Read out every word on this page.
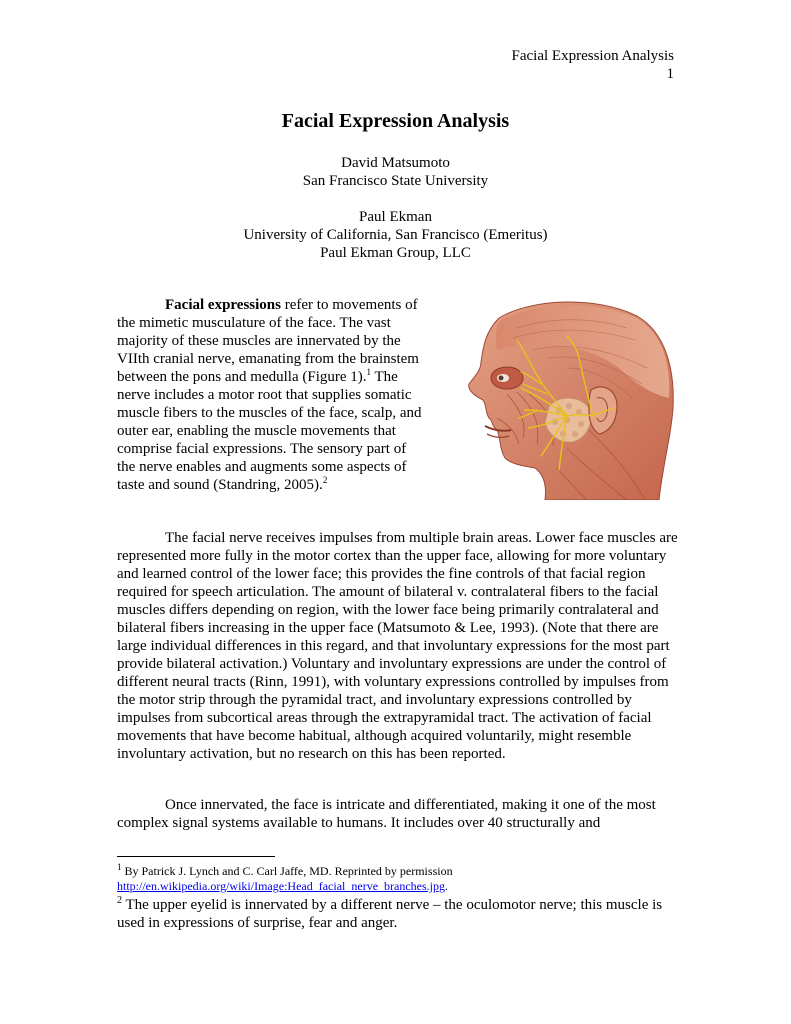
Facial Expression Analysis
1
Facial Expression Analysis
David Matsumoto
San Francisco State University
Paul Ekman
University of California, San Francisco (Emeritus)
Paul Ekman Group, LLC

Facial expressions refer to movements of the mimetic musculature of the face. The vast majority of these muscles are innervated by the VIIth cranial nerve, emanating from the brainstem between the pons and medulla (Figure 1).$^1$ The nerve includes a motor root that supplies somatic muscle fibers to the muscles of the face, scalp, and outer ear, enabling the muscle movements that comprise facial expressions. The sensory part of the nerve enables and augments some aspects of taste and sound (Standring, 2005).$^2$

The facial nerve receives impulses from multiple brain areas. Lower face muscles are represented more fully in the motor cortex than the upper face, allowing for more voluntary and learned control of the lower face; this provides the fine controls of that facial region required for speech articulation. The amount of bilateral v. contralateral fibers to the facial muscles differs depending on region, with the lower face being primarily contralateral and bilateral fibers increasing in the upper face (Matsumoto & Lee, 1993). (Note that there are large individual differences in this regard, and that involuntary expressions for the most part provide bilateral activation.) Voluntary and involuntary expressions are under the control of different neural tracts (Rinn, 1991), with voluntary expressions controlled by impulses from the motor strip through the pyramidal tract, and involuntary expressions controlled by impulses from subcortical areas through the extrapyramidal tract. The activation of facial movements that have become habitual, although acquired voluntarily, might resemble involuntary activation, but no research on this has been reported.

Once innervated, the face is intricate and differentiated, making it one of the most complex signal systems available to humans. It includes over 40 structurally and

$^1$ By Patrick J. Lynch and C. Carl Jaffe, MD. Reprinted by permission
http://en.wikipedia.org/wiki/Image:Head_facial_nerve_branches.jpg.

$^2$ The upper eyelid is innervated by a different nerve – the oculomotor nerve; this muscle is used in expressions of surprise, fear and anger.
